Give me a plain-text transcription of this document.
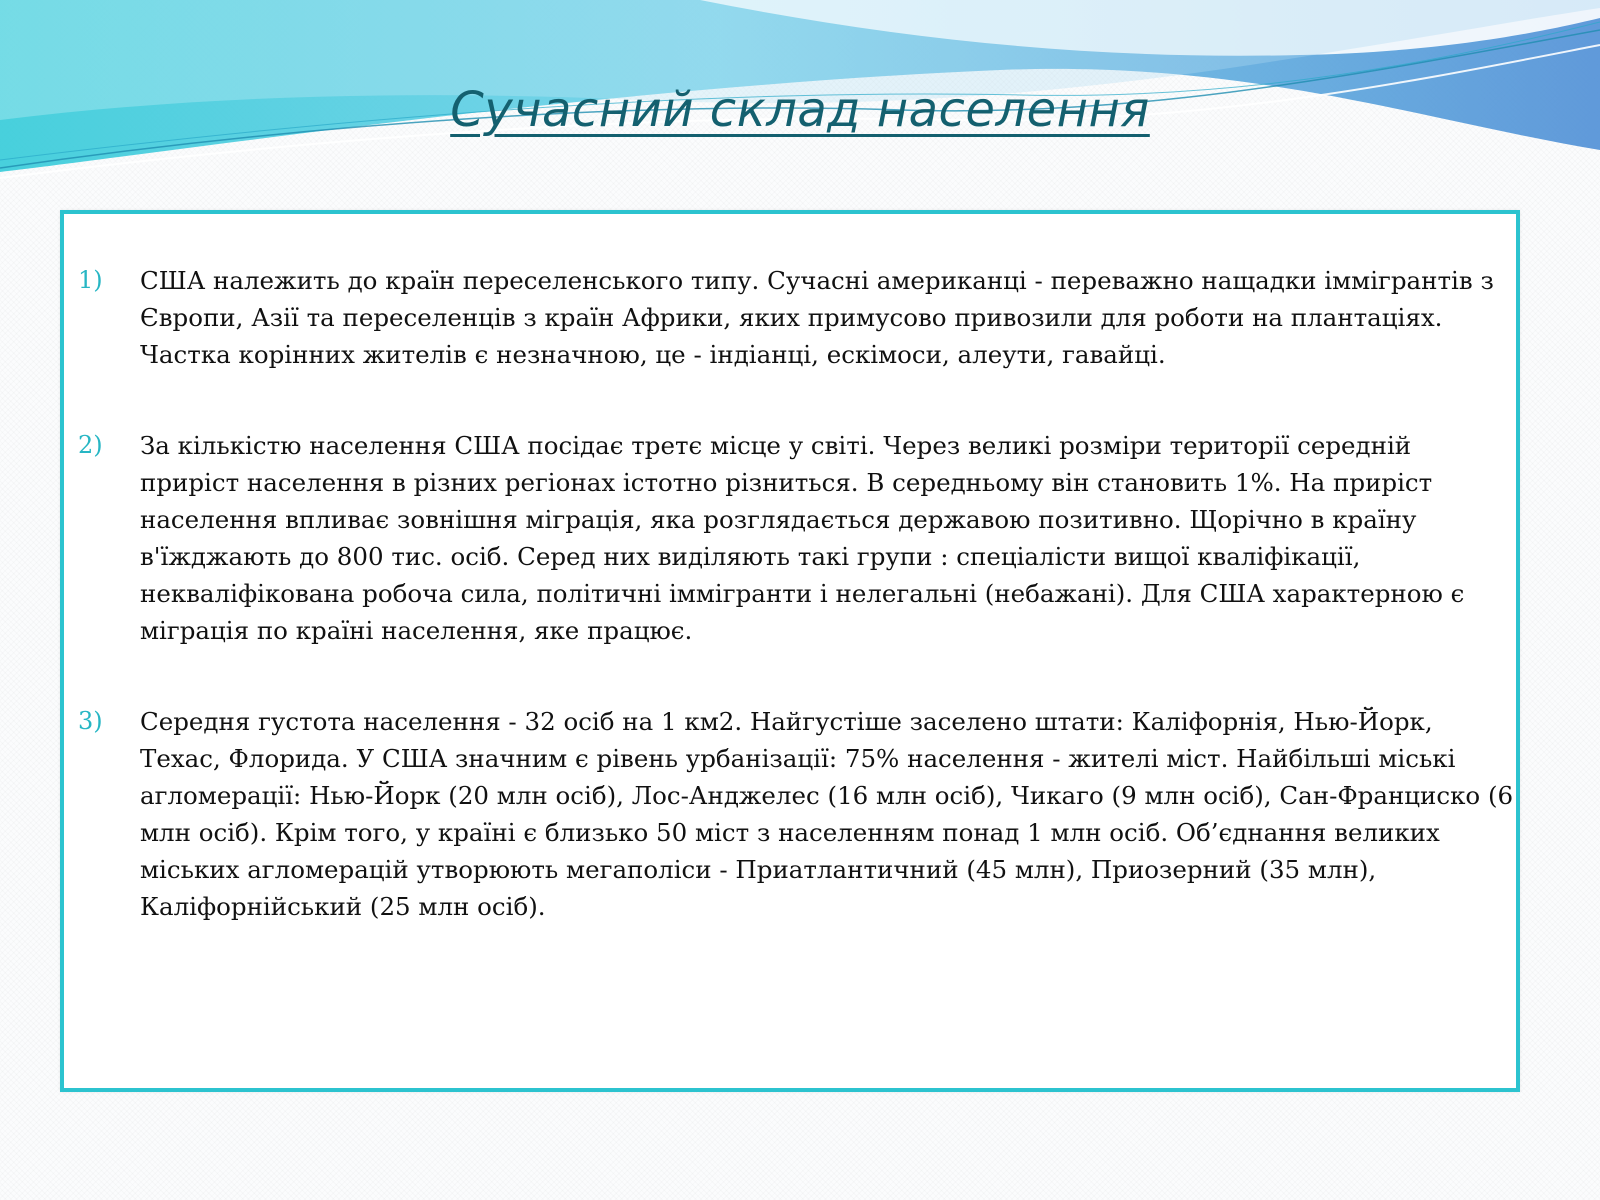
Сучасний склад населення
1) США належить до країн переселенського типу. Сучасні американці - переважно нащадки іммігрантів з Європи, Азії та переселенців з країн Африки, яких примусово привозили для роботи на плантаціях. Частка корінних жителів є незначною, це - індіанці, ескімоси, алеути, гавайці.

2) За кількістю населення США посідає третє місце у світі. Через великі розміри території середній приріст населення в різних регіонах істотно різниться. В середньому він становить 1%. На приріст населення впливає зовнішня міграція, яка розглядається державою позитивно. Щорічно в країну в'їжджають до 800 тис. осіб. Серед них виділяють такі групи : спеціалісти вищої кваліфікації, некваліфікована робоча сила, політичні іммігранти і нелегальні (небажані). Для США характерною є міграція по країні населення, яке працює.

3) Середня густота населення - 32 осіб на 1 км2. Найгустіше заселено штати: Каліфорнія, Нью-Йорк, Техас, Флорида. У США значним є рівень урбанізації: 75% населення - жителі міст. Найбільші міські агломерації: Нью-Йорк (20 млн осіб), Лос-Анджелес (16 млн осіб), Чикаго (9 млн осіб), Сан-Франциско (6 млн осіб). Крім того, у країні є близько 50 міст з населенням понад 1 млн осіб. Об’єднання великих міських агломерацій утворюють мегаполіси - Приатлантичний (45 млн), Приозерний (35 млн), Каліфорнійський (25 млн осіб).
